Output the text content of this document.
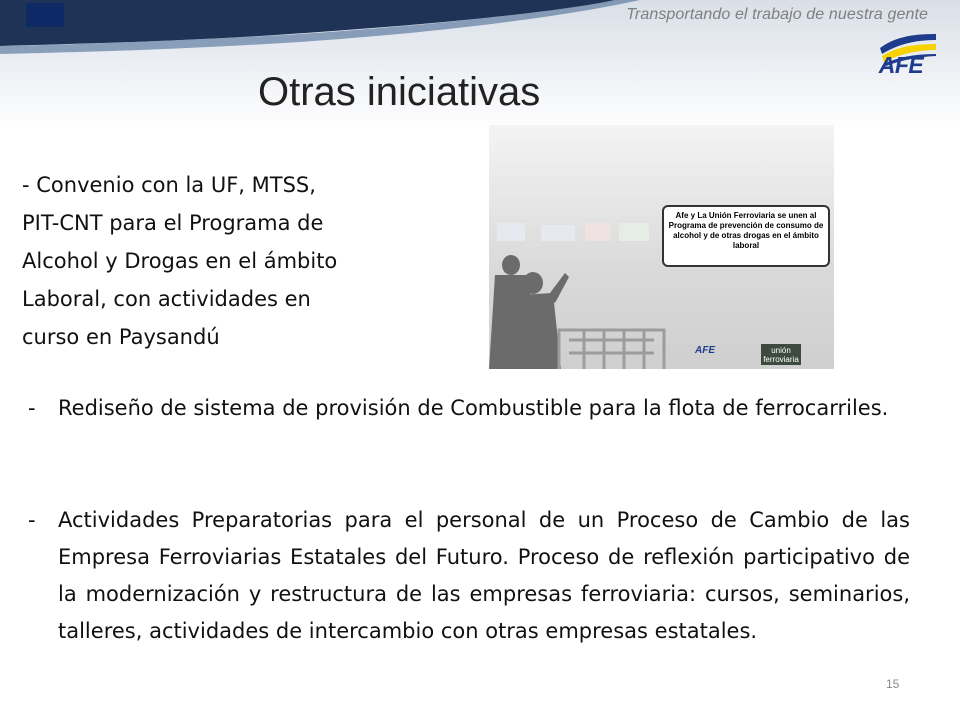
Transportando el trabajo de nuestra gente
AFE
Otras iniciativas
- Convenio con la UF, MTSS,
PIT-CNT para el Programa de
Alcohol y Drogas en el ámbito
Laboral, con actividades en
curso en Paysandú
Afe y La Unión Ferroviaria se unen al Programa de prevención de consumo de alcohol y de otras drogas en el ámbito laboral
AFE	unión ferroviaria
- Rediseño de sistema de provisión de Combustible para la flota de ferrocarriles.
- Actividades Preparatorias para el personal de un Proceso de Cambio de las Empresa Ferroviarias Estatales del Futuro. Proceso de reflexión participativo de la modernización y restructura de las empresas ferroviaria: cursos, seminarios, talleres, actividades de intercambio con otras empresas estatales.
15
